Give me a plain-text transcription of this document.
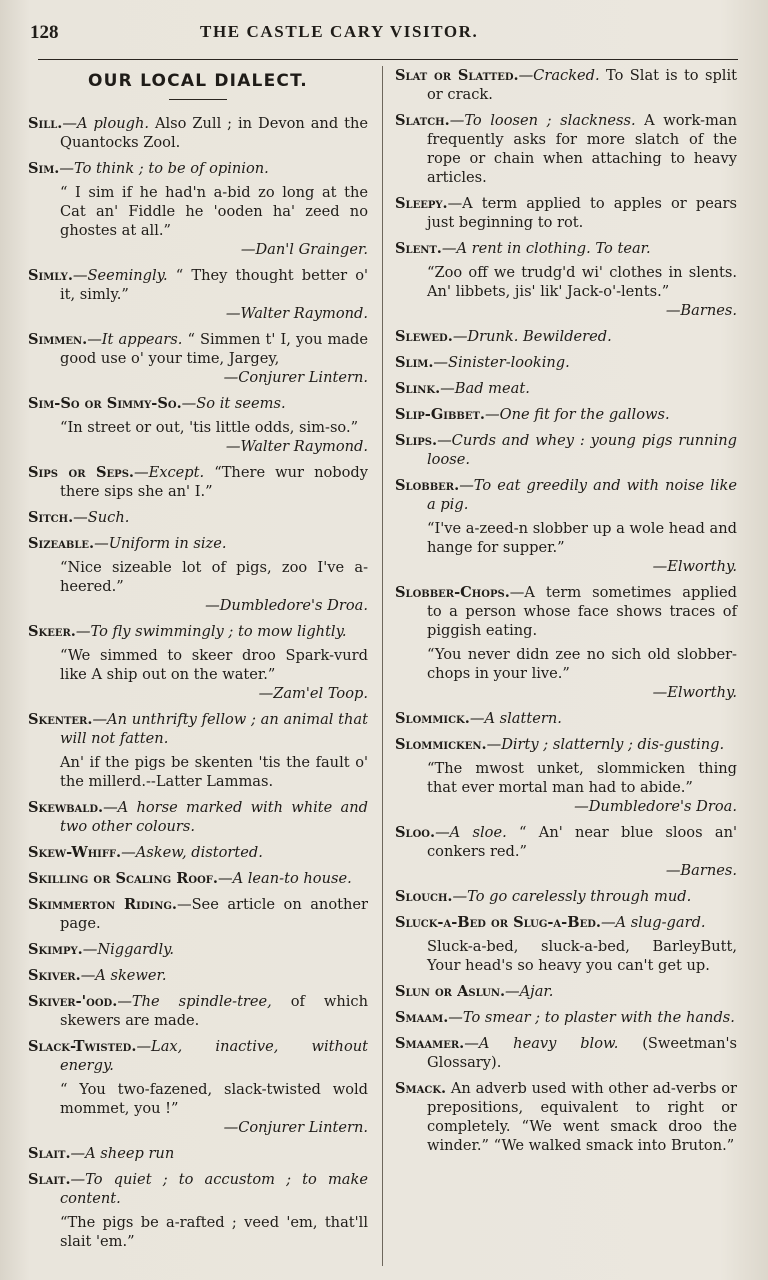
128	THE CASTLE CARY VISITOR.
OUR LOCAL DIALECT.
Sill.—A plough. Also Zull ; in Devon and the Quantocks Zool.
Sim.—To think ; to be of opinion.
“ I sim if he had'n a-bid zo long at the Cat an' Fiddle he 'ooden ha' zeed no ghostes at all.”
—Dan'l Grainger.
Simly.—Seemingly. “ They thought better o' it, simly.”
—Walter Raymond.
Simmen.—It appears. “ Simmen t' I, you made good use o' your time, Jargey,
—Conjurer Lintern.
Sim-So or Simmy-So.—So it seems.
“In street or out, 'tis little odds, sim-so.”
—Walter Raymond.
Sips or Seps.—Except. “There wur nobody there sips she an' I.”
Sitch.—Such.
Sizeable.—Uniform in size.
“Nice sizeable lot of pigs, zoo I've a-heered.”
—Dumbledore's Droa.
Skeer.—To fly swimmingly ; to mow lightly.
“We simmed to skeer droo Spark-vurd like A ship out on the water.”
—Zam'el Toop.
Skenter.—An unthrifty fellow ; an animal that will not fatten.
An' if the pigs be skenten 'tis the fault o' the millerd.--Latter Lammas.
Skewbald.—A horse marked with white and two other colours.
Skew-Whiff.—Askew, distorted.
Skilling or Scaling Roof.—A lean-to house.
Skimmerton Riding.—See article on another page.
Skimpy.—Niggardly.
Skiver.—A skewer.
Skiver-'ood.—The spindle-tree, of which skewers are made.
Slack-Twisted.—Lax, inactive, without energy.
“ You two-fazened, slack-twisted wold mommet, you !”
—Conjurer Lintern.
Slait.—A sheep run
Slait.—To quiet ; to accustom ; to make content.
“The pigs be a-rafted ; veed 'em, that'll slait 'em.”
Slat or Slatted.—Cracked. To Slat is to split or crack.
Slatch.—To loosen ; slackness. A work-man frequently asks for more slatch of the rope or chain when attaching to heavy articles.
Sleepy.—A term applied to apples or pears just beginning to rot.
Slent.—A rent in clothing. To tear.
“Zoo off we trudg'd wi' clothes in slents. An' libbets, jis' lik' Jack-o'-lents.”
—Barnes.
Slewed.—Drunk. Bewildered.
Slim.—Sinister-looking.
Slink.—Bad meat.
Slip-Gibbet.—One fit for the gallows.
Slips.—Curds and whey : young pigs running loose.
Slobber.—To eat greedily and with noise like a pig.
“I've a-zeed-n slobber up a wole head and hange for supper.”
—Elworthy.
Slobber-Chops.—A term sometimes applied to a person whose face shows traces of piggish eating.
“You never didn zee no sich old slobber-chops in your live.”
—Elworthy.
Slommick.—A slattern.
Slommicken.—Dirty ; slatternly ; dis-gusting.
“The mwost unket, slommicken thing that ever mortal man had to abide.”
—Dumbledore's Droa.
Sloo.—A sloe. “ An' near blue sloos an' conkers red.”
—Barnes.
Slouch.—To go carelessly through mud.
Sluck-a-Bed or Slug-a-Bed.—A slug-gard.
Sluck-a-bed, sluck-a-bed, BarleyButt, Your head's so heavy you can't get up.
Slun or Aslun.—Ajar.
Smaam.—To smear ; to plaster with the hands.
Smaamer.—A heavy blow. (Sweetman's Glossary).
Smack. An adverb used with other ad-verbs or prepositions, equivalent to right or completely. “We went smack droo the winder.” “We walked smack into Bruton.”
